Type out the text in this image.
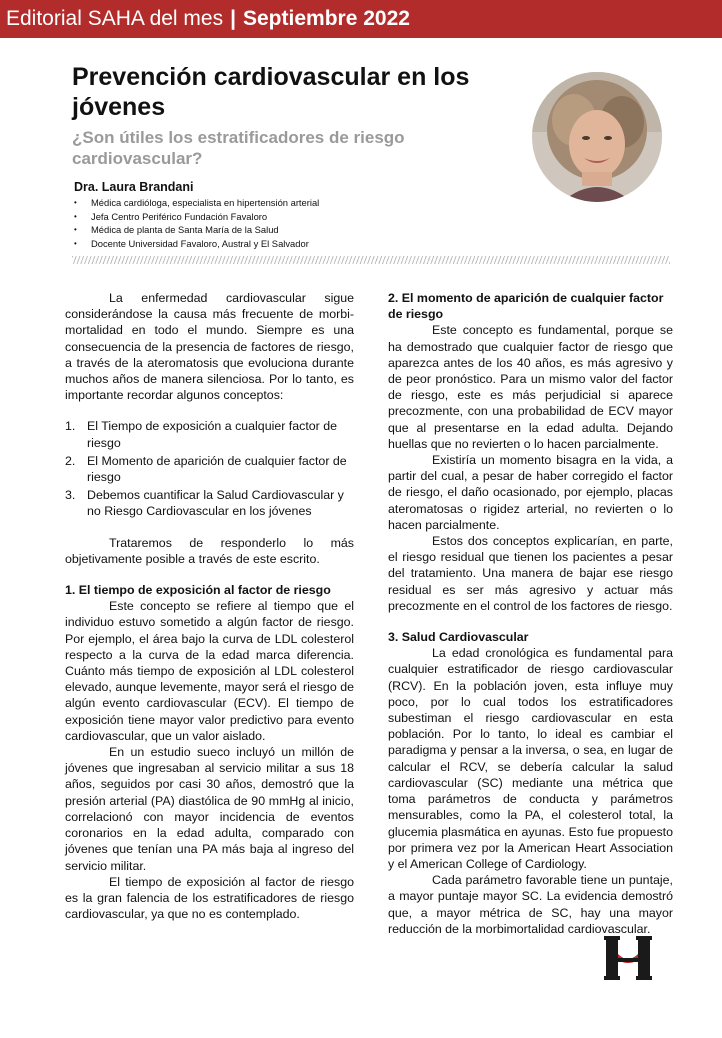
Editorial SAHA del mes | Septiembre 2022
Prevención cardiovascular en los jóvenes
¿Son útiles los estratificadores de riesgo cardiovascular?
Dra. Laura Brandani
• Médica cardióloga, especialista en hipertensión arterial
• Jefa Centro Periférico Fundación Favaloro
• Médica de planta de Santa María de la Salud
• Docente Universidad Favaloro, Austral y El Salvador

La enfermedad cardiovascular sigue considerándose la causa más frecuente de morbi-mortalidad en todo el mundo. Siempre es una consecuencia de la presencia de factores de riesgo, a través de la ateromatosis que evoluciona durante muchos años de manera silenciosa. Por lo tanto, es importante recordar algunos conceptos:

1. El Tiempo de exposición a cualquier factor de riesgo
2. El Momento de aparición de cualquier factor de riesgo
3. Debemos cuantificar la Salud Cardiovascular y no Riesgo Cardiovascular en los jóvenes

Trataremos de responderlo lo más objetivamente posible a través de este escrito.

1. El tiempo de exposición al factor de riesgo

Este concepto se refiere al tiempo que el individuo estuvo sometido a algún factor de riesgo. Por ejemplo, el área bajo la curva de LDL colesterol respecto a la curva de la edad marca diferencia. Cuánto más tiempo de exposición al LDL colesterol elevado, aunque levemente, mayor será el riesgo de algún evento cardiovascular (ECV). El tiempo de exposición tiene mayor valor predictivo para evento cardiovascular, que un valor aislado.

En un estudio sueco incluyó un millón de jóvenes que ingresaban al servicio militar a sus 18 años, seguidos por casi 30 años, demostró que la presión arterial (PA) diastólica de 90 mmHg al inicio, correlacionó con mayor incidencia de eventos coronarios en la edad adulta, comparado con jóvenes que tenían una PA más baja al ingreso del servicio militar.

El tiempo de exposición al factor de riesgo es la gran falencia de los estratificadores de riesgo cardiovascular, ya que no es contemplado.

2. El momento de aparición de cualquier factor de riesgo

Este concepto es fundamental, porque se ha demostrado que cualquier factor de riesgo que aparezca antes de los 40 años, es más agresivo y de peor pronóstico. Para un mismo valor del factor de riesgo, este es más perjudicial si aparece precozmente, con una probabilidad de ECV mayor que al presentarse en la edad adulta. Dejando huellas que no revierten o lo hacen parcialmente.

Existiría un momento bisagra en la vida, a partir del cual, a pesar de haber corregido el factor de riesgo, el daño ocasionado, por ejemplo, placas ateromatosas o rigidez arterial, no revierten o lo hacen parcialmente.

Estos dos conceptos explicarían, en parte, el riesgo residual que tienen los pacientes a pesar del tratamiento. Una manera de bajar ese riesgo residual es ser más agresivo y actuar más precozmente en el control de los factores de riesgo.

3. Salud Cardiovascular

La edad cronológica es fundamental para cualquier estratificador de riesgo cardiovascular (RCV). En la población joven, esta influye muy poco, por lo cual todos los estratificadores subestiman el riesgo cardiovascular en esta población. Por lo tanto, lo ideal es cambiar el paradigma y pensar a la inversa, o sea, en lugar de calcular el RCV, se debería calcular la salud cardiovascular (SC) mediante una métrica que toma parámetros de conducta y parámetros mensurables, como la PA, el colesterol total, la glucemia plasmática en ayunas. Esto fue propuesto por primera vez por la American Heart Association y el American College of Cardiology.

Cada parámetro favorable tiene un puntaje, a mayor puntaje mayor SC. La evidencia demostró que, a mayor métrica de SC, hay una mayor reducción de la morbimortalidad cardiovascular.
